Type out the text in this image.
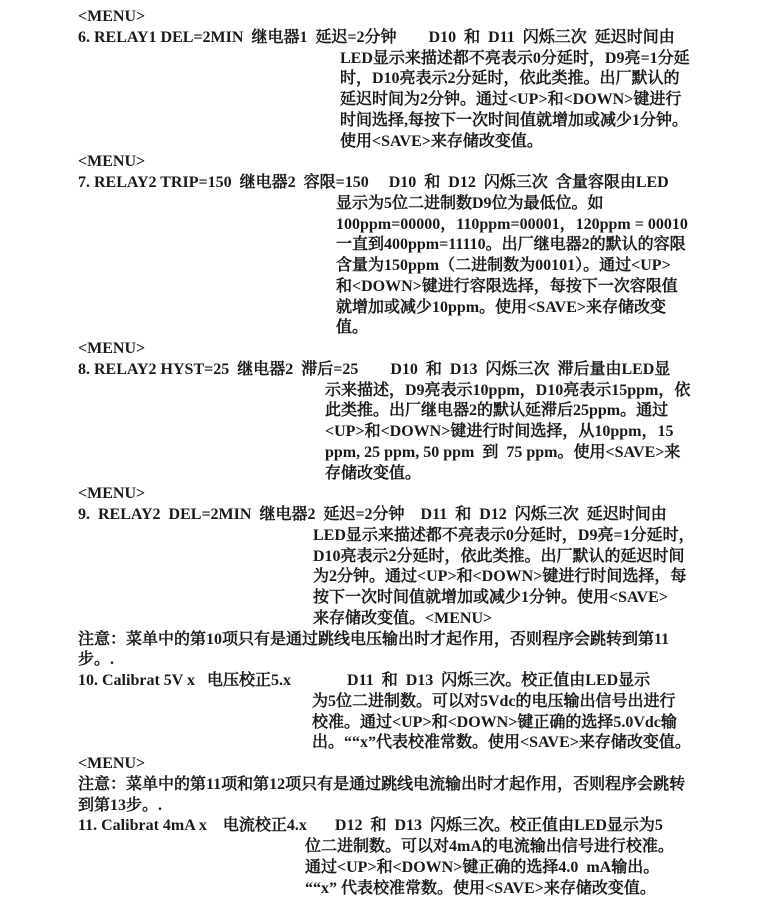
<MENU>
6. RELAY1 DEL=2MIN  继电器1  延迟=2分钟        D10  和  D11  闪烁三次  延迟时间由
LED显示来描述都不亮表示0分延时，D9亮=1分延
时，D10亮表示2分延时，依此类推。出厂默认的
延迟时间为2分钟。通过<UP>和<DOWN>键进行
时间选择,每按下一次时间值就增加或减少1分钟。
使用<SAVE>来存储改变值。
<MENU>
7. RELAY2 TRIP=150  继电器2  容限=150     D10  和  D12  闪烁三次  含量容限由LED
显示为5位二进制数D9位为最低位。如
100ppm=00000，110ppm=00001，120ppm = 00010
一直到400ppm=11110。出厂继电器2的默认的容限
含量为150ppm（二进制数为00101）。通过<UP>
和<DOWN>键进行容限选择，每按下一次容限值
就增加或减少10ppm。使用<SAVE>来存储改变
值。
<MENU>
8. RELAY2 HYST=25  继电器2  滞后=25        D10  和  D13  闪烁三次  滞后量由LED显
示来描述，D9亮表示10ppm，D10亮表示15ppm，依
此类推。出厂继电器2的默认延滞后25ppm。通过
<UP>和<DOWN>键进行时间选择，从10ppm，15
ppm, 25 ppm, 50 ppm  到  75 ppm。使用<SAVE>来
存储改变值。
<MENU>
9.  RELAY2  DEL=2MIN  继电器2  延迟=2分钟    D11  和  D12  闪烁三次  延迟时间由
LED显示来描述都不亮表示0分延时，D9亮=1分延时，
D10亮表示2分延时，依此类推。出厂默认的延迟时间
为2分钟。通过<UP>和<DOWN>键进行时间选择，每
按下一次时间值就增加或减少1分钟。使用<SAVE>
来存储改变值。<MENU>
注意：菜单中的第10项只有是通过跳线电压输出时才起作用，否则程序会跳转到第11
步。.
10. Calibrat 5V x   电压校正5.x              D11  和  D13  闪烁三次。校正值由LED显示
为5位二进制数。可以对5Vdc的电压输出信号出进行
校准。通过<UP>和<DOWN>键正确的选择5.0Vdc输
出。““x”代表校准常数。使用<SAVE>来存储改变值。
<MENU>
注意：菜单中的第11项和第12项只有是通过跳线电流输出时才起作用，否则程序会跳转
到第13步。.
11. Calibrat 4mA x    电流校正4.x       D12  和  D13  闪烁三次。校正值由LED显示为5
位二进制数。可以对4mA的电流输出信号进行校准。
通过<UP>和<DOWN>键正确的选择4.0  mA输出。
““x” 代表校准常数。使用<SAVE>来存储改变值。
